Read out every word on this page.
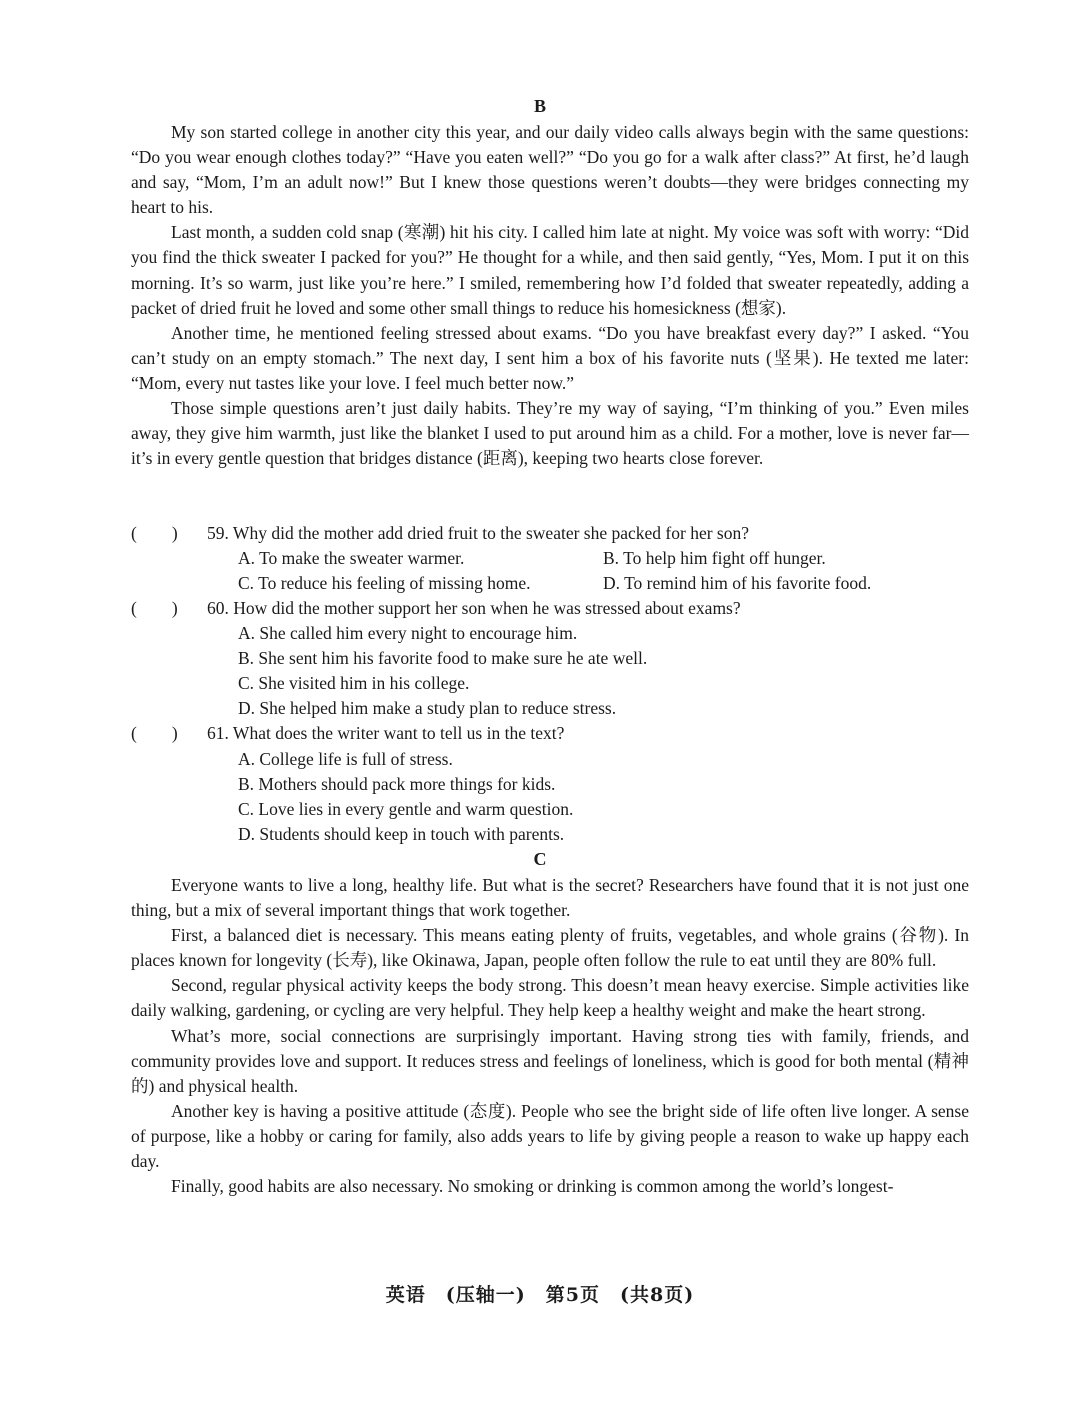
B

My son started college in another city this year, and our daily video calls always begin with the same questions: “Do you wear enough clothes today?” “Have you eaten well?” “Do you go for a walk after class?” At first, he’d laugh and say, “Mom, I’m an adult now!” But I knew those questions weren’t doubts—they were bridges connecting my heart to his.

Last month, a sudden cold snap (寒潮) hit his city. I called him late at night. My voice was soft with worry: “Did you find the thick sweater I packed for you?” He thought for a while, and then said gently, “Yes, Mom. I put it on this morning. It’s so warm, just like you’re here.” I smiled, remembering how I’d folded that sweater repeatedly, adding a packet of dried fruit he loved and some other small things to reduce his homesickness (想家).

Another time, he mentioned feeling stressed about exams. “Do you have breakfast every day?” I asked. “You can’t study on an empty stomach.” The next day, I sent him a box of his favorite nuts (坚果). He texted me later: “Mom, every nut tastes like your love. I feel much better now.”

Those simple questions aren’t just daily habits. They’re my way of saying, “I’m thinking of you.” Even miles away, they give him warmth, just like the blanket I used to put around him as a child. For a mother, love is never far—it’s in every gentle question that bridges distance (距离), keeping two hearts close forever.

(　　) 59. Why did the mother add dried fruit to the sweater she packed for her son?
A. To make the sweater warmer.	B. To help him fight off hunger.
C. To reduce his feeling of missing home.	D. To remind him of his favorite food.
(　　) 60. How did the mother support her son when he was stressed about exams?
A. She called him every night to encourage him.
B. She sent him his favorite food to make sure he ate well.
C. She visited him in his college.
D. She helped him make a study plan to reduce stress.
(　　) 61. What does the writer want to tell us in the text?
A. College life is full of stress.
B. Mothers should pack more things for kids.
C. Love lies in every gentle and warm question.
D. Students should keep in touch with parents.
C

Everyone wants to live a long, healthy life. But what is the secret? Researchers have found that it is not just one thing, but a mix of several important things that work together.

First, a balanced diet is necessary. This means eating plenty of fruits, vegetables, and whole grains (谷物). In places known for longevity (长寿), like Okinawa, Japan, people often follow the rule to eat until they are 80% full.

Second, regular physical activity keeps the body strong. This doesn’t mean heavy exercise. Simple activities like daily walking, gardening, or cycling are very helpful. They help keep a healthy weight and make the heart strong.

What’s more, social connections are surprisingly important. Having strong ties with family, friends, and community provides love and support. It reduces stress and feelings of loneliness, which is good for both mental (精神的) and physical health.

Another key is having a positive attitude (态度). People who see the bright side of life often live longer. A sense of purpose, like a hobby or caring for family, also adds years to life by giving people a reason to wake up happy each day.

Finally, good habits are also necessary. No smoking or drinking is common among the world’s longest-

英语　(压轴一)　第5页　(共8页)
